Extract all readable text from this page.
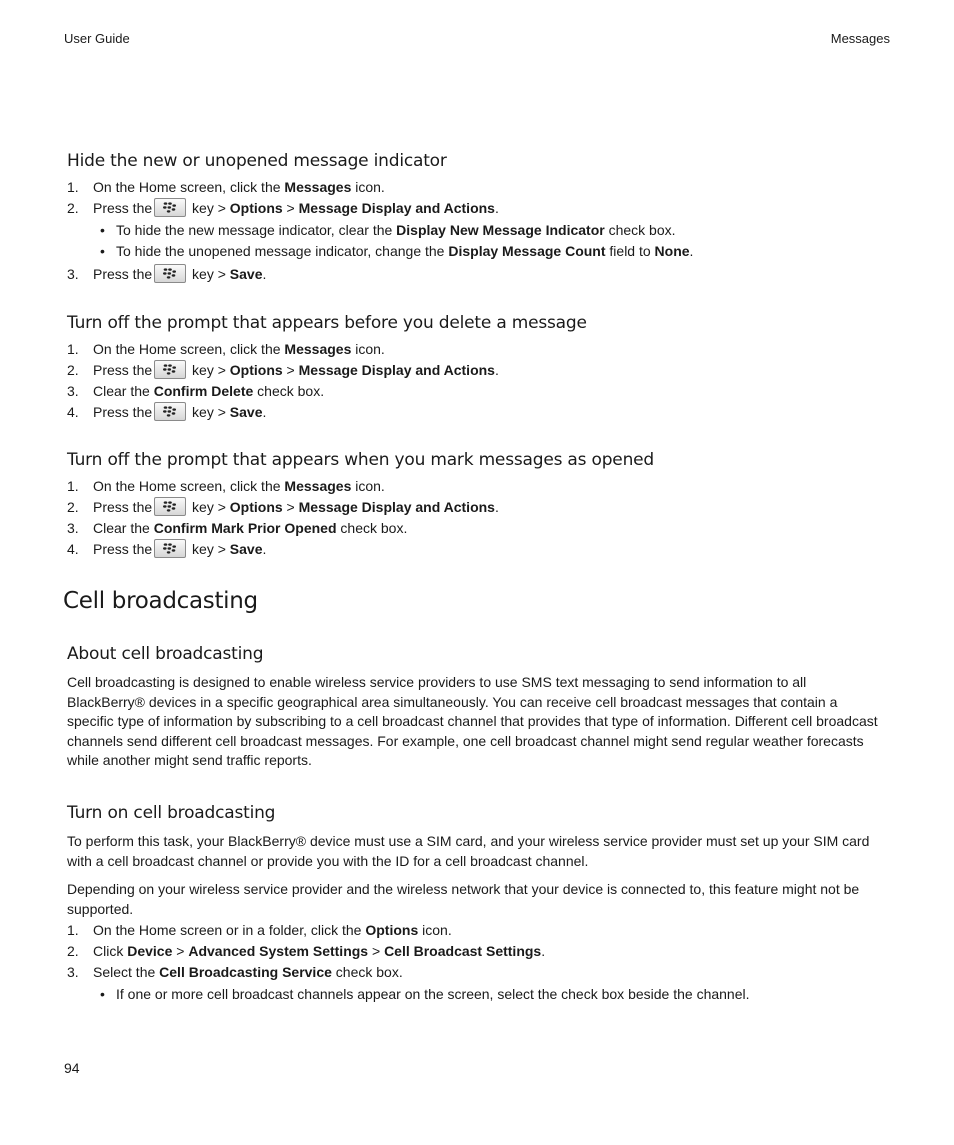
User Guide	Messages
Hide the new or unopened message indicator
1. On the Home screen, click the Messages icon.
2. Press the	key > Options > Message Display and Actions.
• To hide the new message indicator, clear the Display New Message Indicator check box.
• To hide the unopened message indicator, change the Display Message Count field to None.
3. Press the	key > Save.
Turn off the prompt that appears before you delete a message
1. On the Home screen, click the Messages icon.
2. Press the	key > Options > Message Display and Actions.
3. Clear the Confirm Delete check box.
4. Press the	key > Save.
Turn off the prompt that appears when you mark messages as opened
1. On the Home screen, click the Messages icon.
2. Press the	key > Options > Message Display and Actions.
3. Clear the Confirm Mark Prior Opened check box.
4. Press the	key > Save.
Cell broadcasting
About cell broadcasting

Cell broadcasting is designed to enable wireless service providers to use SMS text messaging to send information to all BlackBerry® devices in a specific geographical area simultaneously. You can receive cell broadcast messages that contain a specific type of information by subscribing to a cell broadcast channel that provides that type of information. Different cell broadcast channels send different cell broadcast messages. For example, one cell broadcast channel might send regular weather forecasts while another might send traffic reports.

Turn on cell broadcasting

To perform this task, your BlackBerry® device must use a SIM card, and your wireless service provider must set up your SIM card with a cell broadcast channel or provide you with the ID for a cell broadcast channel.

Depending on your wireless service provider and the wireless network that your device is connected to, this feature might not be supported.

1. On the Home screen or in a folder, click the Options icon.
2. Click Device > Advanced System Settings > Cell Broadcast Settings.
3. Select the Cell Broadcasting Service check box.
• If one or more cell broadcast channels appear on the screen, select the check box beside the channel.
94
